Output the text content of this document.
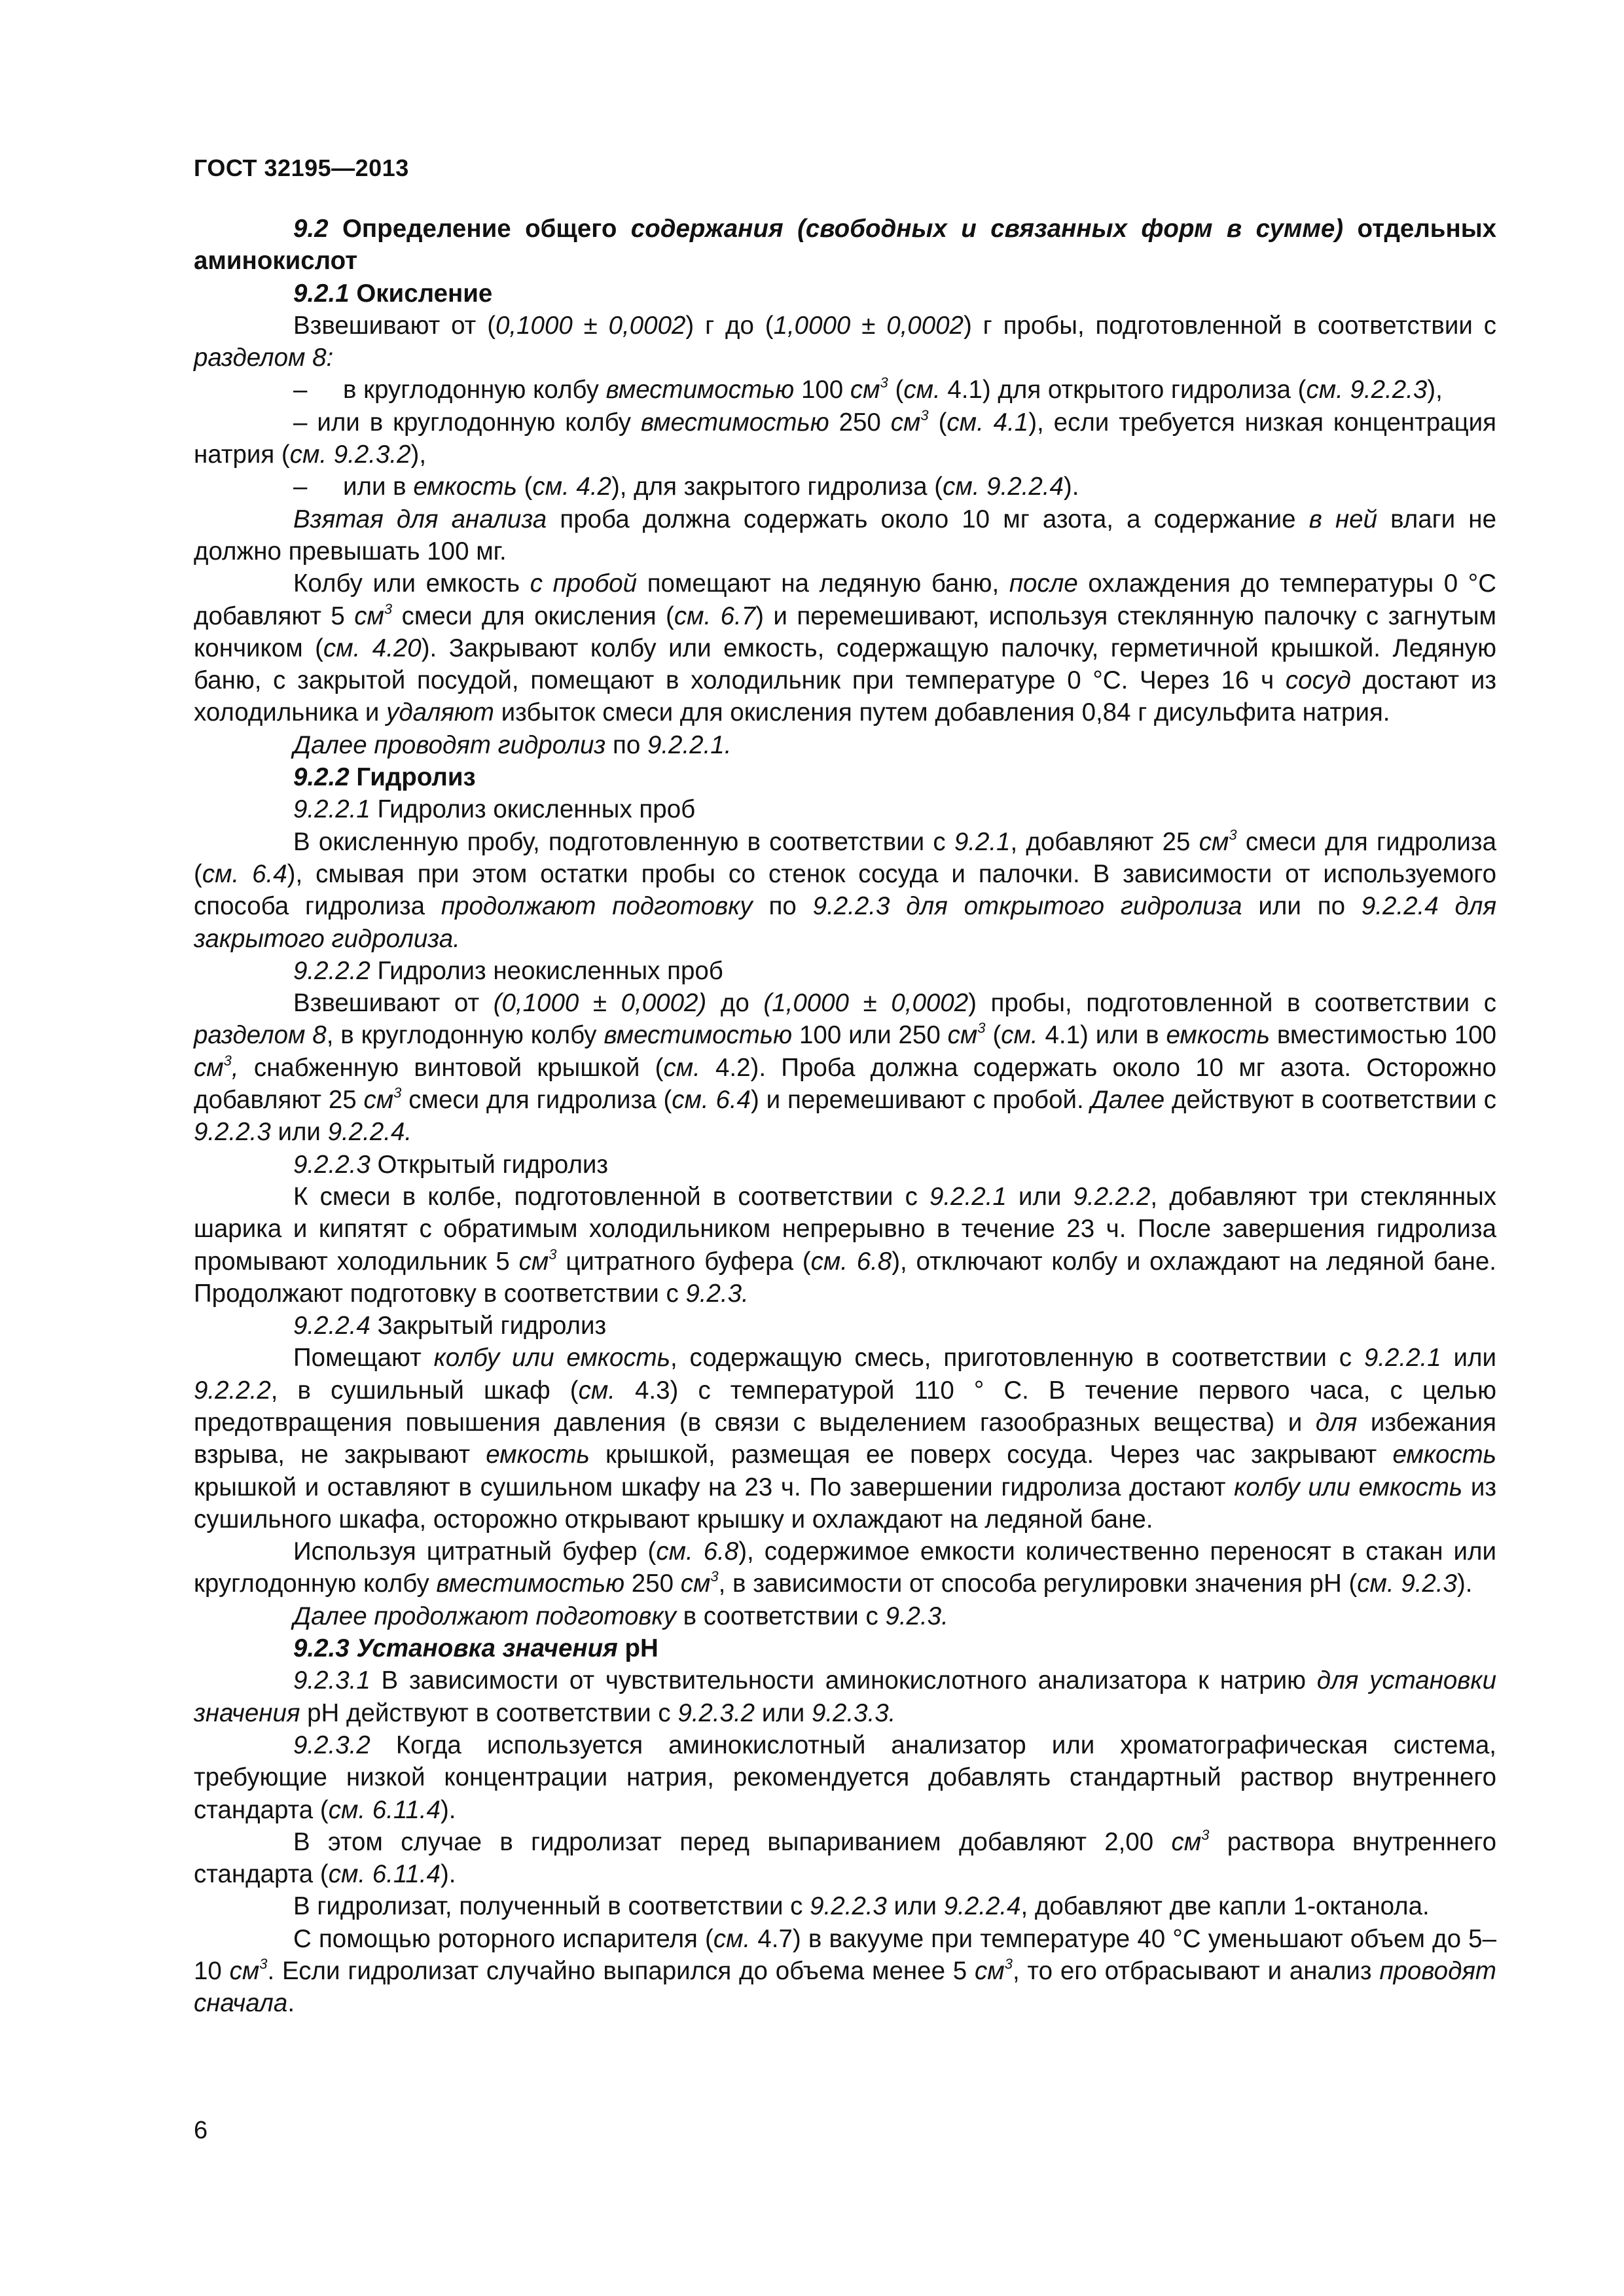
ГОСТ 32195—2013

9.2 Определение общего содержания (свободных и связанных форм в сумме) отдельных аминокислот

9.2.1 Окисление

Взвешивают от (0,1000 ± 0,0002) г до (1,0000 ± 0,0002) г пробы, подготовленной в соответствии с разделом 8:

– в круглодонную колбу вместимостью 100 $см^3$ (см. 4.1) для открытого гидролиза (см. 9.2.2.3),

– или в круглодонную колбу вместимостью 250 $см^3$ (см. 4.1), если требуется низкая концентрация натрия (см. 9.2.3.2),

– или в емкость (см. 4.2), для закрытого гидролиза (см. 9.2.2.4).

Взятая для анализа проба должна содержать около 10 мг азота, а содержание в ней влаги не должно превышать 100 мг.

Колбу или емкость с пробой помещают на ледяную баню, после охлаждения до температуры 0 °С добавляют 5 $см^3$ смеси для окисления (см. 6.7) и перемешивают, используя стеклянную палочку с загнутым кончиком (см. 4.20). Закрывают колбу или емкость, содержащую палочку, герметичной крышкой. Ледяную баню, с закрытой посудой, помещают в холодильник при температуре 0 °С. Через 16 ч сосуд достают из холодильника и удаляют избыток смеси для окисления путем добавления 0,84 г дисульфита натрия.

Далее проводят гидролиз по 9.2.2.1.

9.2.2 Гидролиз

9.2.2.1 Гидролиз окисленных проб

В окисленную пробу, подготовленную в соответствии с 9.2.1, добавляют 25 $см^3$ смеси для гидролиза (см. 6.4), смывая при этом остатки пробы со стенок сосуда и палочки. В зависимости от используемого способа гидролиза продолжают подготовку по 9.2.2.3 для открытого гидролиза или по 9.2.2.4 для закрытого гидролиза.

9.2.2.2 Гидролиз неокисленных проб

Взвешивают от (0,1000 ± 0,0002) до (1,0000 ± 0,0002) пробы, подготовленной в соответствии с разделом 8, в круглодонную колбу вместимостью 100 или 250 $см^3$ (см. 4.1) или в емкость вместимостью 100 $см^3$, снабженную винтовой крышкой (см. 4.2). Проба должна содержать около 10 мг азота. Осторожно добавляют 25 $см^3$ смеси для гидролиза (см. 6.4) и перемешивают с пробой. Далее действуют в соответствии с 9.2.2.3 или 9.2.2.4.

9.2.2.3 Открытый гидролиз

К смеси в колбе, подготовленной в соответствии с 9.2.2.1 или 9.2.2.2, добавляют три стеклянных шарика и кипятят с обратимым холодильником непрерывно в течение 23 ч. После завершения гидролиза промывают холодильник 5 $см^3$ цитратного буфера (см. 6.8), отключают колбу и охлаждают на ледяной бане. Продолжают подготовку в соответствии с 9.2.3.

9.2.2.4 Закрытый гидролиз

Помещают колбу или емкость, содержащую смесь, приготовленную в соответствии с 9.2.2.1 или 9.2.2.2, в сушильный шкаф (см. 4.3) с температурой 110 ° С. В течение первого часа, с целью предотвращения повышения давления (в связи с выделением газообразных вещества) и для избежания взрыва, не закрывают емкость крышкой, размещая ее поверх сосуда. Через час закрывают емкость крышкой и оставляют в сушильном шкафу на 23 ч. По завершении гидролиза достают колбу или емкость из сушильного шкафа, осторожно открывают крышку и охлаждают на ледяной бане.

Используя цитратный буфер (см. 6.8), содержимое емкости количественно переносят в стакан или круглодонную колбу вместимостью 250 $см^3$, в зависимости от способа регулировки значения pH (см. 9.2.3).

Далее продолжают подготовку в соответствии с 9.2.3.

9.2.3 Установка значения pH

9.2.3.1 В зависимости от чувствительности аминокислотного анализатора к натрию для установки значения pH действуют в соответствии с 9.2.3.2 или 9.2.3.3.

9.2.3.2 Когда используется аминокислотный анализатор или хроматографическая система, требующие низкой концентрации натрия, рекомендуется добавлять стандартный раствор внутреннего стандарта (см. 6.11.4).

В этом случае в гидролизат перед выпариванием добавляют 2,00 $см^3$ раствора внутреннего стандарта (см. 6.11.4).

В гидролизат, полученный в соответствии с 9.2.2.3 или 9.2.2.4, добавляют две капли 1-октанола.

С помощью роторного испарителя (см. 4.7) в вакууме при температуре 40 °С уменьшают объем до 5–10 $см^3$. Если гидролизат случайно выпарился до объема менее 5 $см^3$, то его отбрасывают и анализ проводят сначала.

6
